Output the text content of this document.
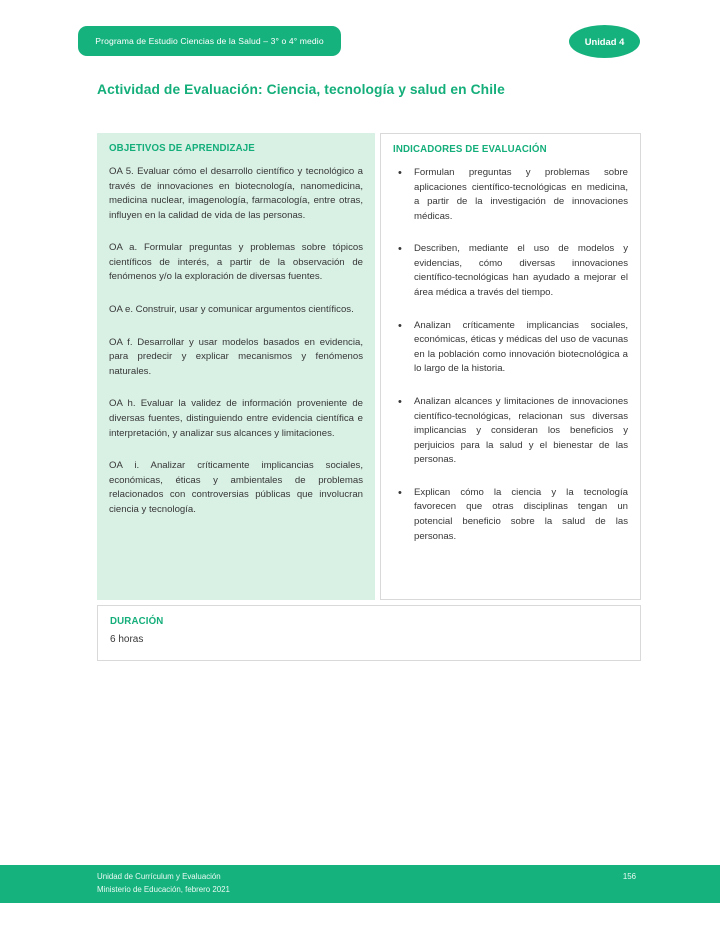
Programa de Estudio Ciencias de la Salud – 3° o 4° medio	Unidad 4
Actividad de Evaluación: Ciencia, tecnología y salud en Chile
OBJETIVOS DE APRENDIZAJE

OA 5. Evaluar cómo el desarrollo científico y tecnológico a través de innovaciones en biotecnología, nanomedicina, medicina nuclear, imagenología, farmacología, entre otras, influyen en la calidad de vida de las personas.

OA a. Formular preguntas y problemas sobre tópicos científicos de interés, a partir de la observación de fenómenos y/o la exploración de diversas fuentes.

OA e. Construir, usar y comunicar argumentos científicos.

OA f. Desarrollar y usar modelos basados en evidencia, para predecir y explicar mecanismos y fenómenos naturales.

OA h. Evaluar la validez de información proveniente de diversas fuentes, distinguiendo entre evidencia científica e interpretación, y analizar sus alcances y limitaciones.

OA i. Analizar críticamente implicancias sociales, económicas, éticas y ambientales de problemas relacionados con controversias públicas que involucran ciencia y tecnología.

INDICADORES DE EVALUACIÓN
• Formulan preguntas y problemas sobre aplicaciones científico-tecnológicas en medicina, a partir de la investigación de innovaciones médicas.
• Describen, mediante el uso de modelos y evidencias, cómo diversas innovaciones científico-tecnológicas han ayudado a mejorar el área médica a través del tiempo.
• Analizan críticamente implicancias sociales, económicas, éticas y médicas del uso de vacunas en la población como innovación biotecnológica a lo largo de la historia.
• Analizan alcances y limitaciones de innovaciones científico-tecnológicas, relacionan sus diversas implicancias y consideran los beneficios y perjuicios para la salud y el bienestar de las personas.
• Explican cómo la ciencia y la tecnología favorecen que otras disciplinas tengan un potencial beneficio sobre la salud de las personas.
DURACIÓN
6 horas
Unidad de Currículum y Evaluación
Ministerio de Educación, febrero 2021
156
